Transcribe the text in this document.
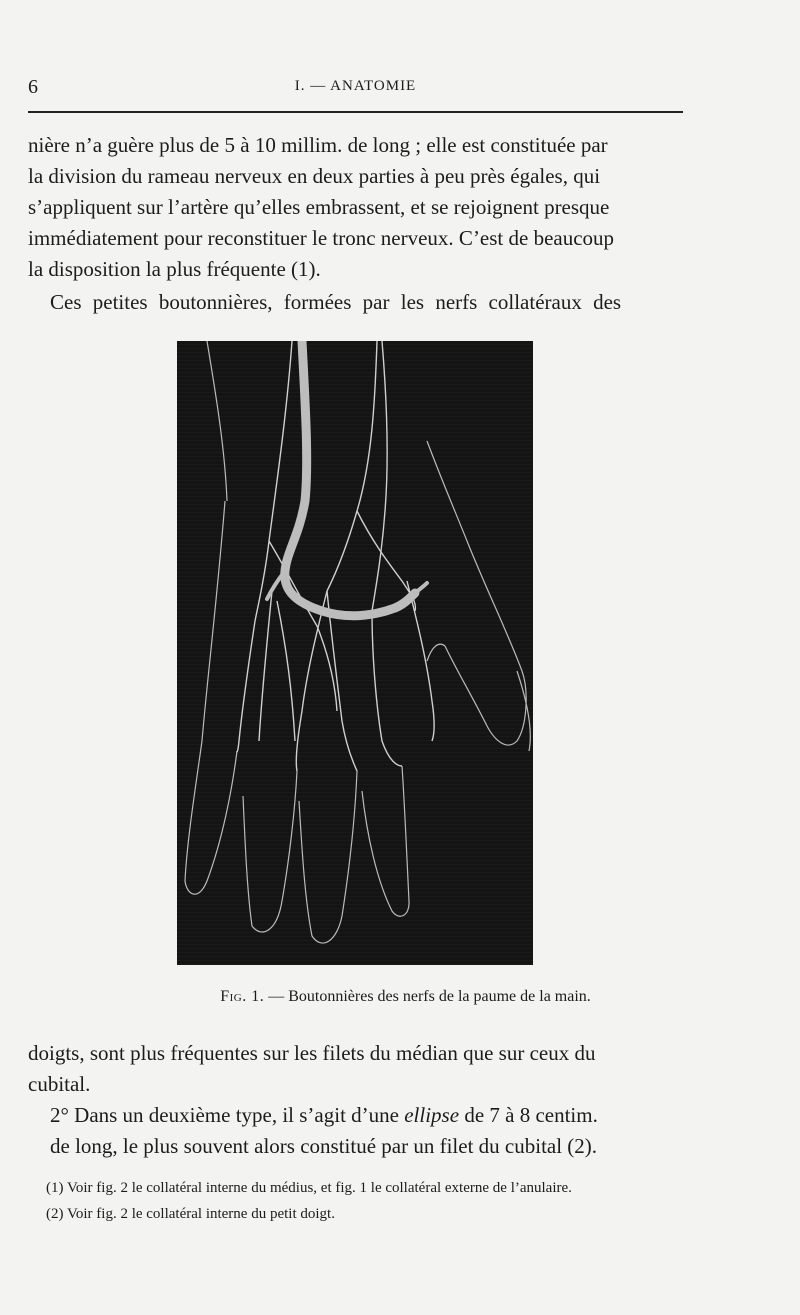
6	I. — ANATOMIE
nière n’a guère plus de 5 à 10 millim. de long ; elle est constituée par
la division du rameau nerveux en deux parties à peu près égales, qui
s’appliquent sur l’artère qu’elles embrassent, et se rejoignent presque
immédiatement pour reconstituer le tronc nerveux. C’est de beaucoup
la disposition la plus fréquente (1).
Ces petites boutonnières, formées par les nerfs collatéraux des
Fig. 1. — Boutonnières des nerfs de la paume de la main.
doigts, sont plus fréquentes sur les filets du médian que sur ceux du
cubital.
2° Dans un deuxième type, il s’agit d’une ellipse de 7 à 8 centim.
de long, le plus souvent alors constitué par un filet du cubital (2).

(1) Voir fig. 2 le collatéral interne du médius, et fig. 1 le collatéral externe de l’anulaire.

(2) Voir fig. 2 le collatéral interne du petit doigt.
